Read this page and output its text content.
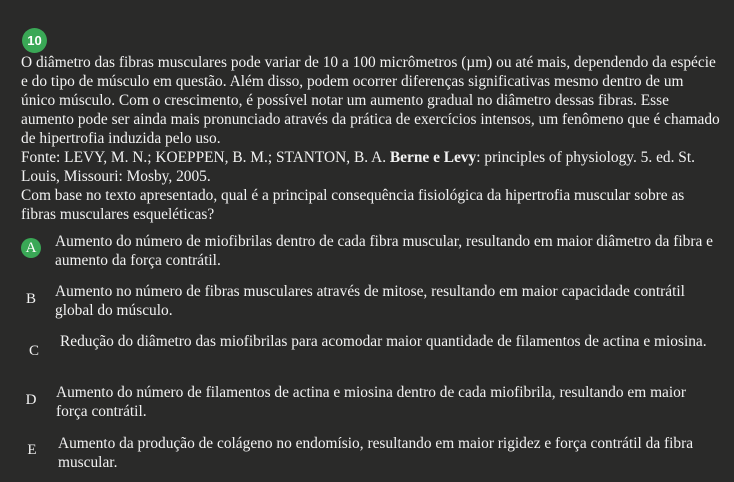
10

O diâmetro das fibras musculares pode variar de 10 a 100 micrômetros (µm) ou até mais, dependendo da espécie e do tipo de músculo em questão. Além disso, podem ocorrer diferenças significativas mesmo dentro de um único músculo. Com o crescimento, é possível notar um aumento gradual no diâmetro dessas fibras. Esse aumento pode ser ainda mais pronunciado através da prática de exercícios intensos, um fenômeno que é chamado de hipertrofia induzida pelo uso.

Fonte: LEVY, M. N.; KOEPPEN, B. M.; STANTON, B. A. Berne e Levy: principles of physiology. 5. ed. St. Louis, Missouri: Mosby, 2005.

Com base no texto apresentado, qual é a principal consequência fisiológica da hipertrofia muscular sobre as fibras musculares esqueléticas?

A Aumento do número de miofibrilas dentro de cada fibra muscular, resultando em maior diâmetro da fibra e aumento da força contrátil.

B	Aumento no número de fibras musculares através de mitose, resultando em maior capacidade contrátil global do músculo.

C

Redução do diâmetro das miofibrilas para acomodar maior quantidade de filamentos de actina e miosina.

D Aumento do número de filamentos de actina e miosina dentro de cada miofibrila, resultando em maior força contrátil.

E	Aumento da produção de colágeno no endomísio, resultando em maior rigidez e força contrátil da fibra muscular.
